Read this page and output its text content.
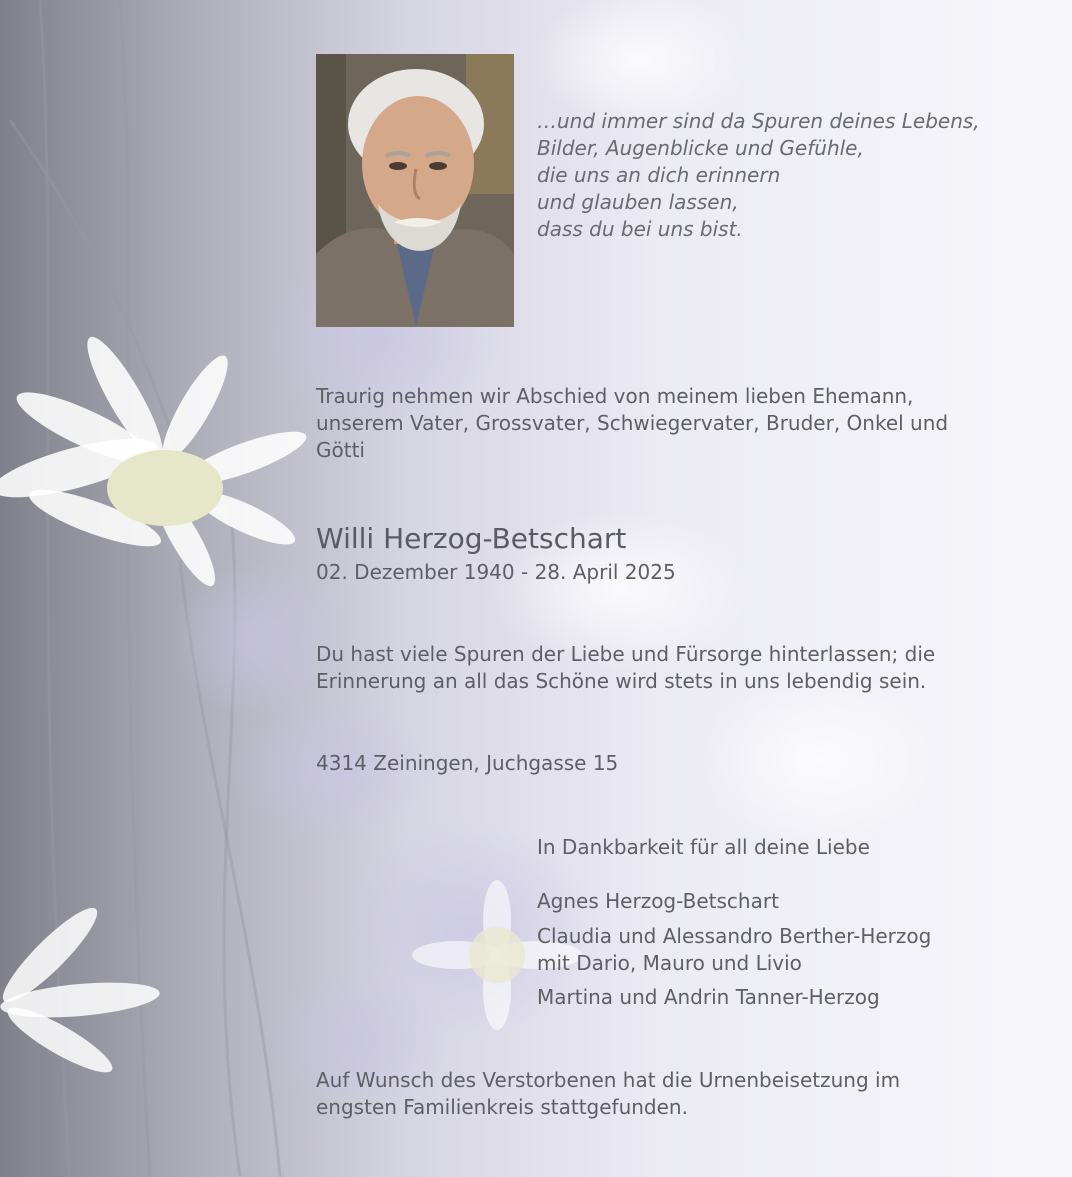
…und immer sind da Spuren deines Lebens,
Bilder, Augenblicke und Gefühle,
die uns an dich erinnern
und glauben lassen,
dass du bei uns bist.

Traurig nehmen wir Abschied von meinem lieben Ehemann,
unserem Vater, Grossvater, Schwiegervater, Bruder, Onkel und
Götti

Willi Herzog-Betschart

02. Dezember 1940 - 28. April 2025

Du hast viele Spuren der Liebe und Fürsorge hinterlassen; die
Erinnerung an all das Schöne wird stets in uns lebendig sein.

4314 Zeiningen, Juchgasse 15

In Dankbarkeit für all deine Liebe

Agnes Herzog-Betschart
Claudia und Alessandro Berther-Herzog
mit Dario, Mauro und Livio
Martina und Andrin Tanner-Herzog

Auf Wunsch des Verstorbenen hat die Urnenbeisetzung im
engsten Familienkreis stattgefunden.
